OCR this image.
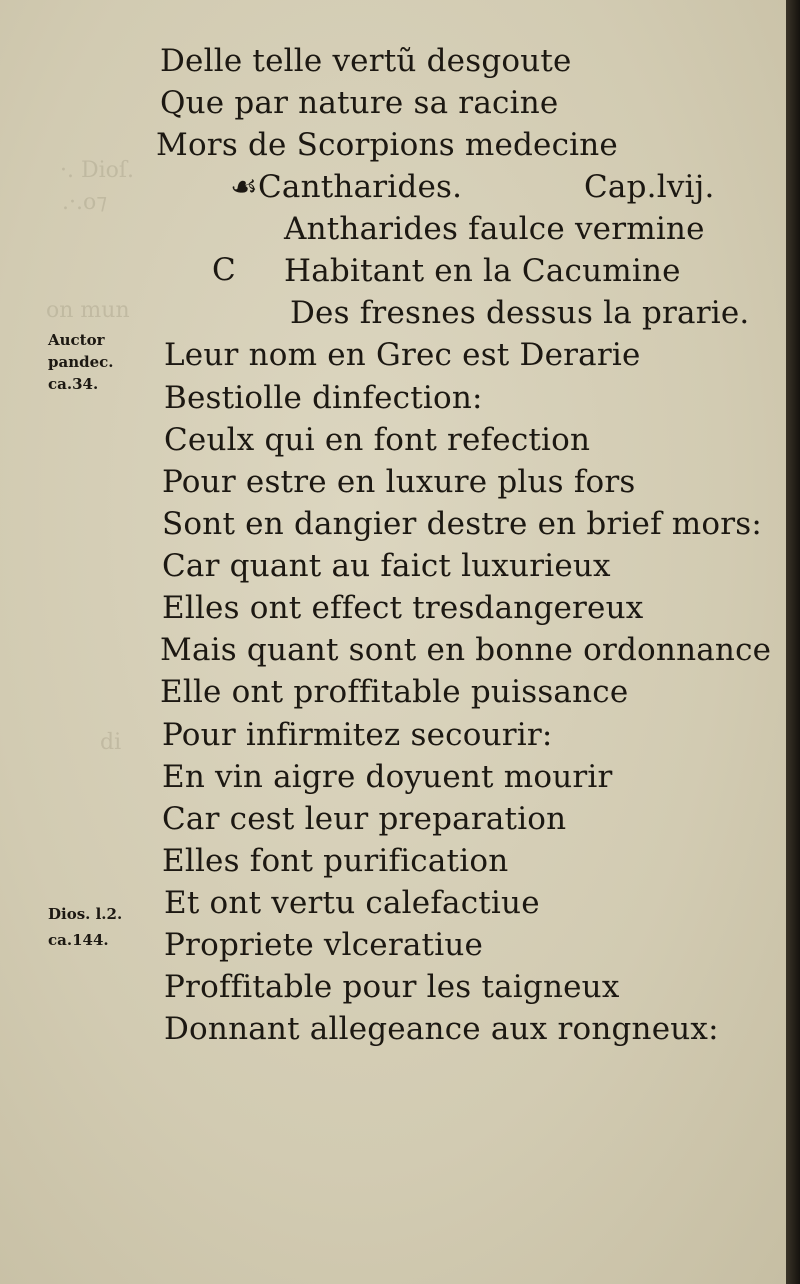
·. Dioſ.
.·.o⁊
on mun
di
Delle telle vertũ desgoute
Que par nature sa racine
Mors de Scorpions medecine
☙Cantharides.	Cap.lvij.
Antharides faulce vermine
C Habitant en la Cacumine
Des fresnes dessus la prarie.
Leur nom en Grec est Derarie
Bestiolle dinfection:
Ceulx qui en font refection
Pour estre en luxure plus fors
Sont en dangier destre en brief mors:
Car quant au faict luxurieux
Elles ont effect tresdangereux
Mais quant sont en bonne ordonnance
Elle ont proffitable puissance
Pour infirmitez secourir:
En vin aigre doyuent mourir
Car cest leur preparation
Elles font purification
Et ont vertu calefactiue
Propriete vlceratiue
Proffitable pour les taigneux
Donnant allegeance aux rongneux:
Auctor
pandec.
ca.34.
Dios. l.2.
ca.144.
